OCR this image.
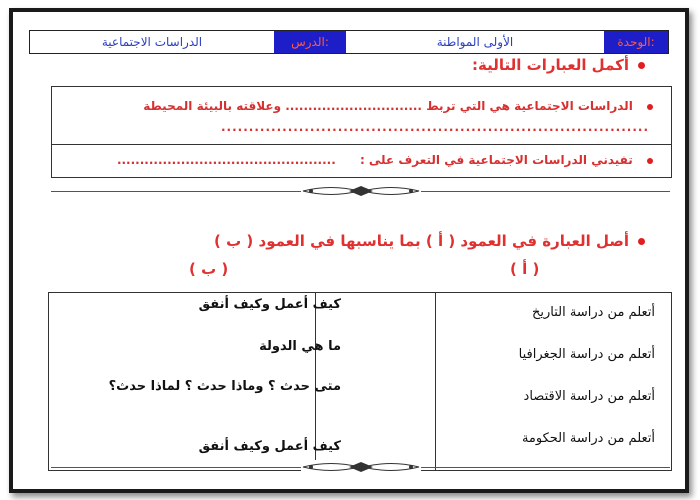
الوحدة:
الأولى المواطنة
الدرس:
الدراسات الاجتماعية
أكمل العبارات التالية:
الدراسات الاجتماعية هي التي تربط .............................. وعلاقته بالبيئة المحيطة
.............................................................................
تفيدني الدراسات الاجتماعية في التعرف على : ................................................
أصل العبارة في العمود ( أ ) بما يناسبها في العمود ( ب )
( ب )	( أ )
أتعلم من دراسة التاريخ
أتعلم من دراسة الجغرافيا
أتعلم من دراسة الاقتصاد
أتعلم من دراسة الحكومة
كيف أعمل وكيف أنفق
ما هي الدولة
متى حدث ؟ وماذا حدث ؟ لماذا حدث؟
كيف أعمل وكيف أنفق
